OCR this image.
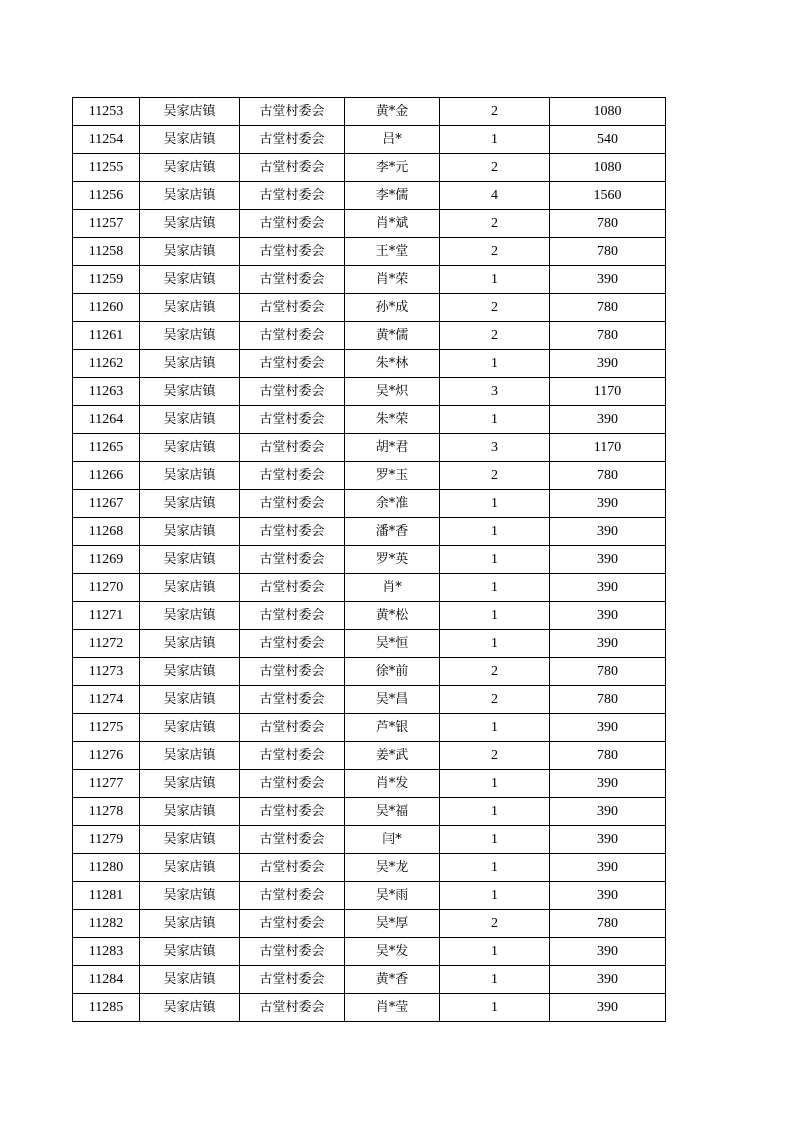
11253	吴家店镇	古堂村委会	黄*金	2	1080
11254	吴家店镇	古堂村委会	吕*	1	540
11255	吴家店镇	古堂村委会	李*元	2	1080
11256	吴家店镇	古堂村委会	李*儒	4	1560
11257	吴家店镇	古堂村委会	肖*斌	2	780
11258	吴家店镇	古堂村委会	王*堂	2	780
11259	吴家店镇	古堂村委会	肖*荣	1	390
11260	吴家店镇	古堂村委会	孙*成	2	780
11261	吴家店镇	古堂村委会	黄*儒	2	780
11262	吴家店镇	古堂村委会	朱*林	1	390
11263	吴家店镇	古堂村委会	吴*炽	3	1170
11264	吴家店镇	古堂村委会	朱*荣	1	390
11265	吴家店镇	古堂村委会	胡*君	3	1170
11266	吴家店镇	古堂村委会	罗*玉	2	780
11267	吴家店镇	古堂村委会	余*准	1	390
11268	吴家店镇	古堂村委会	潘*香	1	390
11269	吴家店镇	古堂村委会	罗*英	1	390
11270	吴家店镇	古堂村委会	肖*	1	390
11271	吴家店镇	古堂村委会	黄*松	1	390
11272	吴家店镇	古堂村委会	吴*恒	1	390
11273	吴家店镇	古堂村委会	徐*前	2	780
11274	吴家店镇	古堂村委会	吴*昌	2	780
11275	吴家店镇	古堂村委会	芦*银	1	390
11276	吴家店镇	古堂村委会	姜*武	2	780
11277	吴家店镇	古堂村委会	肖*发	1	390
11278	吴家店镇	古堂村委会	吴*福	1	390
11279	吴家店镇	古堂村委会	闫*	1	390
11280	吴家店镇	古堂村委会	吴*龙	1	390
11281	吴家店镇	古堂村委会	吴*雨	1	390
11282	吴家店镇	古堂村委会	吴*厚	2	780
11283	吴家店镇	古堂村委会	吴*发	1	390
11284	吴家店镇	古堂村委会	黄*香	1	390
11285	吴家店镇	古堂村委会	肖*莹	1	390
